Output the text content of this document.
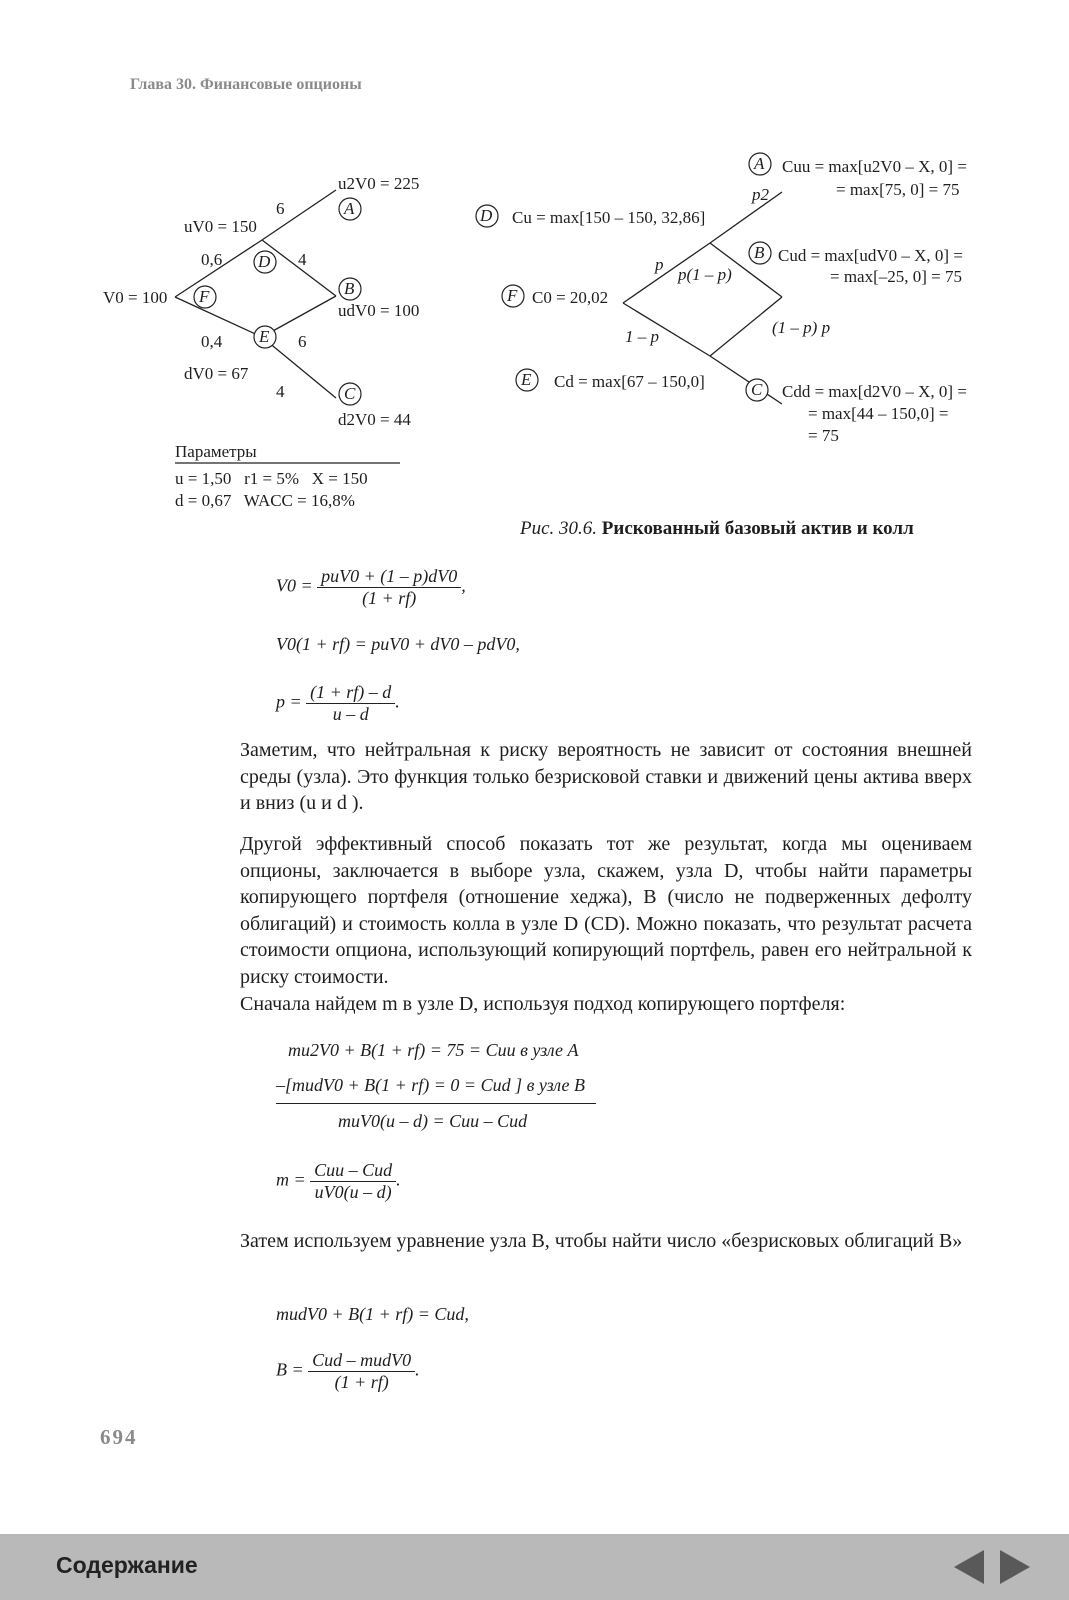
Глава 30. Финансовые опционы
F
D
E
A
B
C
D
F
E
A
B
C
V0 = 100
uV0 = 150
dV0 = 67
u2V0 = 225
udV0 = 100
d2V0 = 44
0,6
0,4
6
4
6
4
Параметры
u = 1,50   r1 = 5%   X = 150
d = 0,67   WACC = 16,8%
Cu = max[150 – 150, 32,86]
C0 = 20,02
Cd = max[67 – 150,0]
Cuu = max[u2V0 – X, 0] =
= max[75, 0] = 75
Cud = max[udV0 – X, 0] =
= max[–25, 0] = 75
Cdd = max[d2V0 – X, 0] =
= max[44 – 150,0] =
= 75
p2
p
p(1 – p)
1 – p	(1 – p) p
Рис. 30.6. Рискованный базовый актив и колл
$V0 = \frac{\text{puV0 + (1 – p)dV0}}{(1 + rf)}$ ,
V0(1 + rf) = puV0 + dV0 – pdV0,
$p = \frac{(1 + rf) - d}{u - d}$ .

Заметим, что нейтральная к риску вероятность не зависит от состояния внешней среды (узла). Это функция только безрисковой ставки и движений цены актива вверх и вниз (u и d ).

Другой эффективный способ показать тот же результат, когда мы оцениваем опционы, заключается в выборе узла, скажем, узла D, чтобы найти параметры копирующего портфеля (отношение хеджа), B (число не подверженных дефолту облигаций) и стоимость колла в узле D (CD). Можно показать, что результат расчета стоимости опциона, использующий копирующий портфель, равен его нейтральной к риску стоимости.

Сначала найдем m в узле D, используя подход копирующего портфеля:

mu2V0 + B(1 + rf) = 75 = Cuu в узле A
–[mudV0 + B(1 + rf) = 0 = Cud ] в узле B
muV0(u – d) = Cuu – Cud
$m = \frac{\text{Cuu – Cud}}{uV0(u - d)}$ .

Затем используем уравнение узла B, чтобы найти число «безрисковых облигаций B»

mudV0 + B(1 + rf) = Cud,
$B = \frac{\text{Cud – mudV0}}{(1 + rf)}$ .
694
Содержание
